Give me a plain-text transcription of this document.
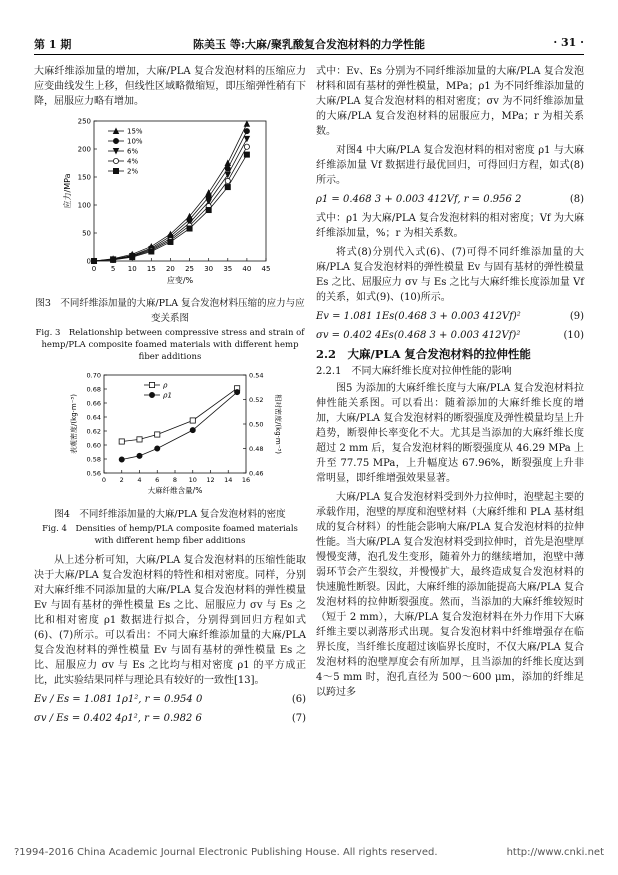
第 1 期	陈美玉 等:大麻/聚乳酸复合发泡材料的力学性能	· 31 ·

大麻纤维添加量的增加，大麻/PLA 复合发泡材料的压缩应力应变曲线发生上移，但线性区域略微缩短，即压缩弹性稍有下降，屈服应力略有增加。

0 5 10 15 20 25 30 35 40 45
0
50
100
150
200
250
应变/%
应力/MPa
15%
10%
6%
4%
2%
图3　不同纤维添加量的大麻/PLA 复合发泡材料压缩的应力与应变关系图
Fig. 3　Relationship between compressive stress and strain of hemp/PLA composite foamed materials with different hemp fiber additions
0 2 4 6 8 10 12 14 16
0.56
0.58
0.60
0.62
0.64
0.66
0.68
0.70
0.46
0.48
0.50
0.52
0.54
大麻纤维含量/%
表观密度/(kg·m⁻³)	相对密度/(kg·m⁻³)
ρ
ρ1
图4　不同纤维添加量的大麻/PLA 复合发泡材料的密度
Fig. 4　Densities of hemp/PLA composite foamed materials with different hemp fiber additions

从上述分析可知，大麻/PLA 复合发泡材料的压缩性能取决于大麻/PLA 复合发泡材料的特性和相对密度。同样，分别对大麻纤维不同添加量的大麻/PLA 复合发泡材料的弹性模量 Ev 与固有基材的弹性模量 Es 之比、屈服应力 σv 与 Es 之比和相对密度 ρ1 数据进行拟合，分别得到回归方程如式(6)、(7)所示。可以看出：不同大麻纤维添加量的大麻/PLA 复合发泡材料的弹性模量 Ev 与固有基材的弹性模量 Es 之比、屈服应力 σv 与 Es 之比均与相对密度 ρ1 的平方成正比，此实验结果同样与理论具有较好的一致性[13]。

Ev / Es = 1.081 1ρ1², r = 0.954 0	(6)
σv / Es = 0.402 4ρ1², r = 0.982 6	(7)

式中：Ev、Es 分别为不同纤维添加量的大麻/PLA 复合发泡材料和固有基材的弹性模量，MPa；ρ1 为不同纤维添加量的大麻/PLA 复合发泡材料的相对密度；σv 为不同纤维添加量的大麻/PLA 复合发泡材料的屈服应力，MPa；r 为相关系数。

对图4 中大麻/PLA 复合发泡材料的相对密度 ρ1 与大麻纤维添加量 Vf 数据进行最优回归，可得回归方程，如式(8)所示。

ρ1 = 0.468 3 + 0.003 412Vf, r = 0.956 2	(8)

式中：ρ1 为大麻/PLA 复合发泡材料的相对密度；Vf 为大麻纤维添加量，%；r 为相关系数。

将式(8)分别代入式(6)、(7)可得不同纤维添加量的大麻/PLA 复合发泡材料的弹性模量 Ev 与固有基材的弹性模量 Es 之比、屈服应力 σv 与 Es 之比与大麻纤维长度添加量 Vf 的关系，如式(9)、(10)所示。

Ev = 1.081 1Es(0.468 3 + 0.003 412Vf)²	(9)
σv = 0.402 4Es(0.468 3 + 0.003 412Vf)²	(10)
2.2　大麻/PLA 复合发泡材料的拉伸性能
2.2.1　不同大麻纤维长度对拉伸性能的影响

图5 为添加的大麻纤维长度与大麻/PLA 复合发泡材料拉伸性能关系图。可以看出：随着添加的大麻纤维长度的增加，大麻/PLA 复合发泡材料的断裂强度及弹性模量均呈上升趋势，断裂伸长率变化不大。尤其是当添加的大麻纤维长度超过 2 mm 后，复合发泡材料的断裂强度从 46.29 MPa 上升至 77.75 MPa，上升幅度达 67.96%，断裂强度上升非常明显，即纤维增强效果显著。

大麻/PLA 复合发泡材料受到外力拉伸时，泡壁起主要的承载作用，泡壁的厚度和泡壁材料（大麻纤维和 PLA 基材组成的复合材料）的性能会影响大麻/PLA 复合发泡材料的拉伸性能。当大麻/PLA 复合发泡材料受到拉伸时，首先是泡壁厚慢慢变薄，泡孔发生变形，随着外力的继续增加，泡壁中薄弱环节会产生裂纹，并慢慢扩大，最终造成复合发泡材料的快速脆性断裂。因此，大麻纤维的添加能提高大麻/PLA 复合发泡材料的拉伸断裂强度。然而，当添加的大麻纤维较短时（短于 2 mm），大麻/PLA 复合发泡材料在外力作用下大麻纤维主要以剥落形式出现。复合发泡材料中纤维增强存在临界长度，当纤维长度超过该临界长度时，不仅大麻/PLA 复合发泡材料的泡壁厚度会有所加厚，且当添加的纤维长度达到 4～5 mm 时，泡孔直径为 500～600 μm，添加的纤维足以跨过多

?1994-2016 China Academic Journal Electronic Publishing House. All rights reserved.	http://www.cnki.net
